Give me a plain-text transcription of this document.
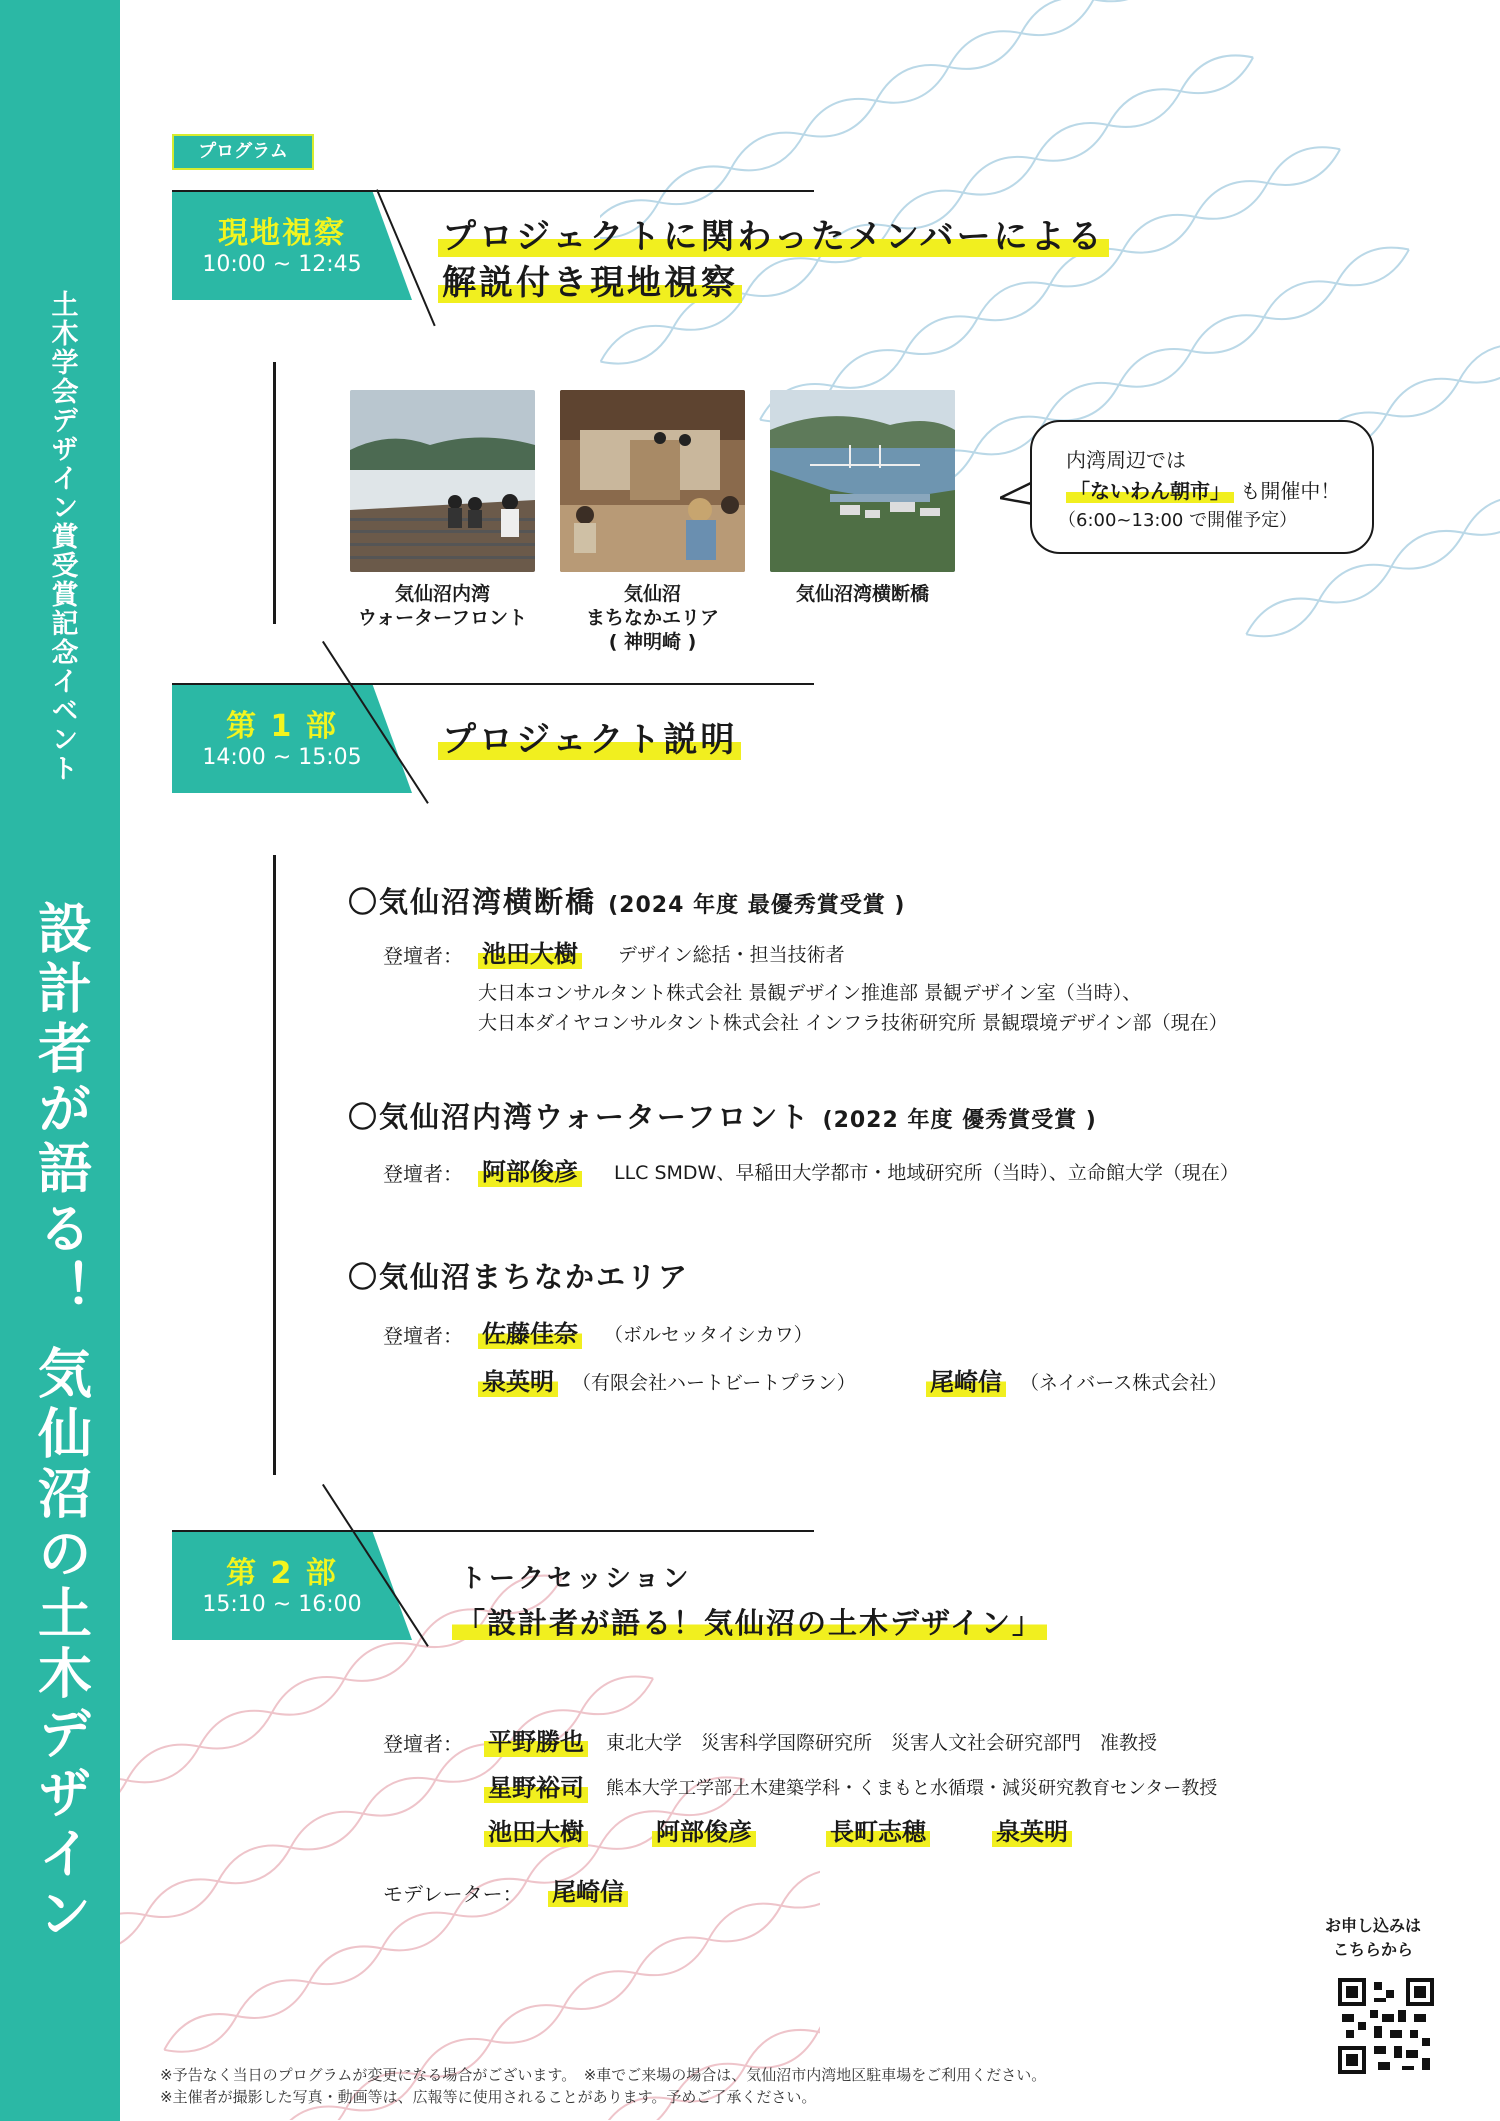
土木学会デザイン賞受賞記念イベント
設計者が語る！ 気仙沼の土木デザイン
プログラム
現地視察
10:00 ~ 12:45
プロジェクトに関わったメンバーによる
解説付き現地視察
気仙沼内湾
ウォーターフロント
気仙沼
まちなかエリア
( 神明崎 )
気仙沼湾横断橋

内湾周辺では

「ないわん朝市」 も開催中！

（6:00~13:00 で開催予定）

第 1 部
14:00 ~ 15:05	プロジェクト説明
〇気仙沼湾横断橋 (2024 年度 最優秀賞受賞 )
登壇者： 池田大樹 デザイン総括・担当技術者
大日本コンサルタント株式会社 景観デザイン推進部 景観デザイン室（当時）、
大日本ダイヤコンサルタント株式会社 インフラ技術研究所 景観環境デザイン部（現在）
〇気仙沼内湾ウォーターフロント (2022 年度 優秀賞受賞 )
登壇者： 阿部俊彦 LLC SMDW、早稲田大学都市・地域研究所（当時）、立命館大学（現在）
〇気仙沼まちなかエリア
登壇者： 佐藤佳奈 （ボルセッタイシカワ）
泉英明 （有限会社ハートビートプラン）	尾崎信 （ネイバース株式会社）
第 2 部
15:10 ~ 16:00
トークセッション
「設計者が語る！気仙沼の土木デザイン」
登壇者： 平野勝也 東北大学　災害科学国際研究所　災害人文社会研究部門　准教授
星野裕司 熊本大学工学部土木建築学科・くまもと水循環・減災研究教育センター教授
池田大樹	阿部俊彦	長町志穂	泉英明
モデレーター： 尾崎信
お申し込みは
こちらから
※予告なく当日のプログラムが変更になる場合がございます。　※車でご来場の場合は、気仙沼市内湾地区駐車場をご利用ください。
※主催者が撮影した写真・動画等は、広報等に使用されることがあります。予めご了承ください。
